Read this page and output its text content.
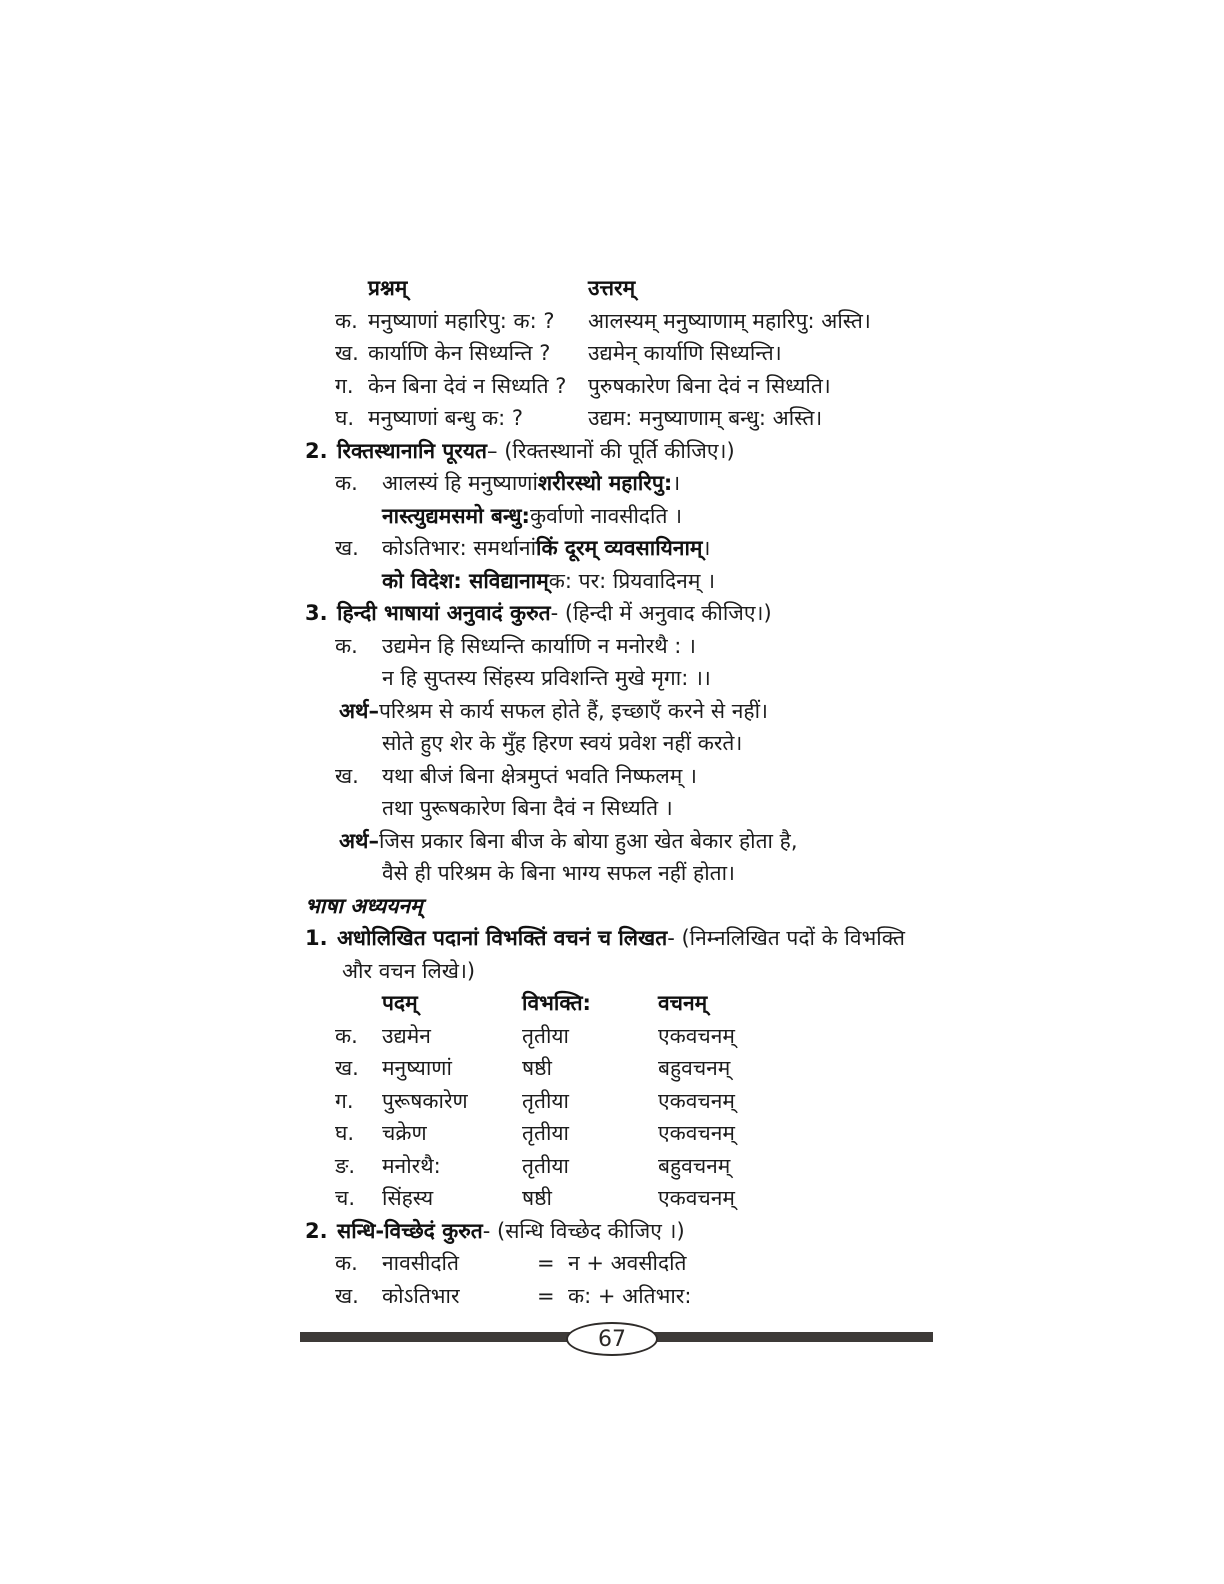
प्रश्नम्	उत्तरम्
क. मनुष्याणां महारिपु: क: ?	आलस्यम् मनुष्याणाम् महारिपु: अस्ति।
ख. कार्याणि केन सिध्यन्ति ?	उद्यमेन् कार्याणि सिध्यन्ति।
ग. केन बिना देवं न सिध्यति ?	पुरुषकारेण बिना देवं न सिध्यति।
घ. मनुष्याणां बन्धु क: ?	उद्यम: मनुष्याणाम् बन्धु: अस्ति।
2. रिक्तस्थानानि पूरयत – (रिक्तस्थानों की पूर्ति कीजिए।)
क.	आलस्यं हि मनुष्याणां शरीरस्थो महारिपु: ।
नास्त्युद्यमसमो बन्धु: कुर्वाणो नावसीदति ।
ख.	कोऽतिभार: समर्थानां किं दूरम् व्यवसायिनाम् ।
को विदेश: सविद्यानाम् क: पर: प्रियवादिनम् ।
3. हिन्दी भाषायां अनुवादं कुरुत - (हिन्दी में अनुवाद कीजिए।)
क.	उद्यमेन हि सिध्यन्ति कार्याणि न मनोरथै : ।
न हि सुप्तस्य सिंहस्य प्रविशन्ति मुखे मृगा: ।।
अर्थ– परिश्रम से कार्य सफल होते हैं, इच्छाएँ करने से नहीं।
सोते हुए शेर के मुँह हिरण स्वयं प्रवेश नहीं करते।
ख.	यथा बीजं बिना क्षेत्रमुप्तं भवति निष्फलम् ।
तथा पुरूषकारेण बिना दैवं न सिध्यति ।
अर्थ– जिस प्रकार बिना बीज के बोया हुआ खेत बेकार होता है,
वैसे ही परिश्रम के बिना भाग्य सफल नहीं होता।
भाषा अध्ययनम्
1. अधोलिखित पदानां विभक्तिं वचनं च लिखत - (निम्नलिखित पदों के विभक्ति
और वचन लिखे।)
पदम्	विभक्ति:	वचनम्
क.	उद्यमेन	तृतीया	एकवचनम्
ख.	मनुष्याणां	षष्ठी	बहुवचनम्
ग.	पुरूषकारेण	तृतीया	एकवचनम्
घ.	चक्रेण	तृतीया	एकवचनम्
ङ.	मनोरथै:	तृतीया	बहुवचनम्
च.	सिंहस्य	षष्ठी	एकवचनम्
2. सन्धि-विच्छेदं कुरुत - (सन्धि विच्छेद कीजिए ।)
क.	नावसीदति	= न + अवसीदति
ख.	कोऽतिभार	= क: + अतिभार:
67
